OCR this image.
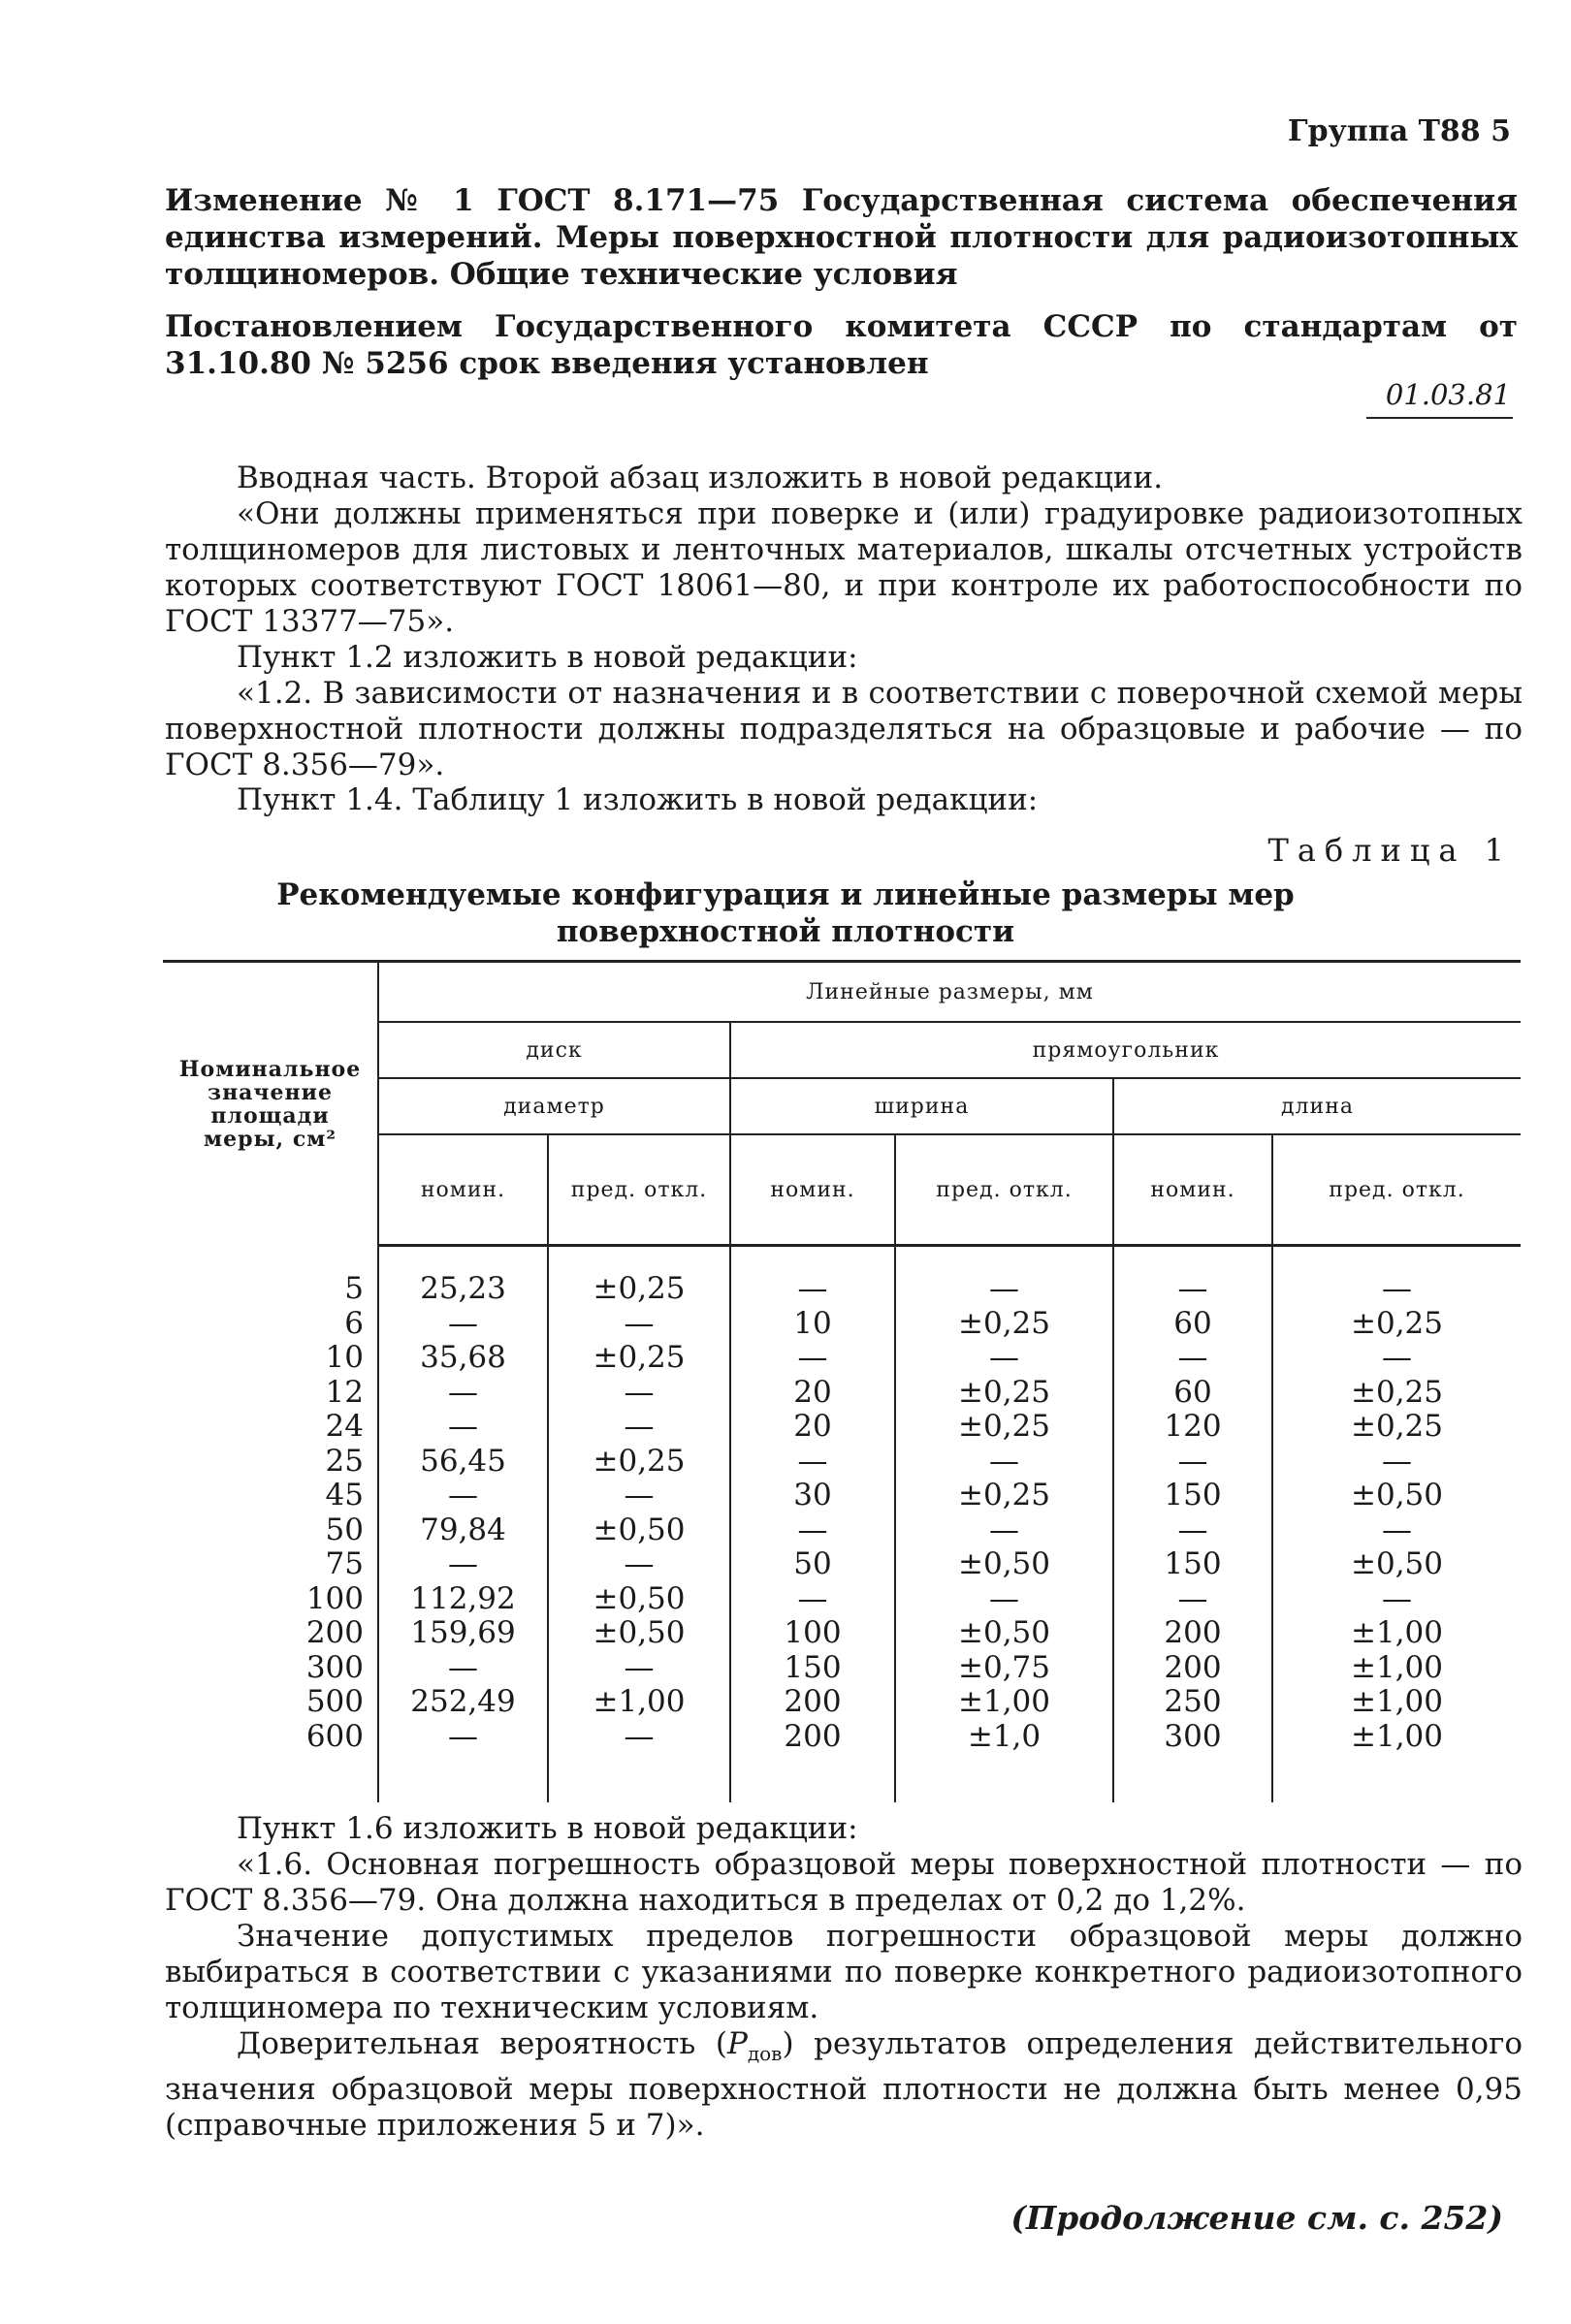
Группа Т88 5

Изменение № 1 ГОСТ 8.171—75 Государственная система обеспечения единства измерений. Меры поверхностной плотности для радиоизотопных толщиномеров. Общие технические условия

Постановлением Государственного комитета СССР по стандартам от 31.10.80 № 5256 срок введения установлен

01.03.81

Вводная часть. Второй абзац изложить в новой редакции.

«Они должны применяться при поверке и (или) градуировке радиоизотопных толщиномеров для листовых и ленточных материалов, шкалы отсчетных устройств которых соответствуют ГОСТ 18061—80, и при контроле их работоспособности по ГОСТ 13377—75».

Пункт 1.2 изложить в новой редакции:

«1.2. В зависимости от назначения и в соответствии с поверочной схемой меры поверхностной плотности должны подразделяться на образцовые и рабочие — по ГОСТ 8.356—79».

Пункт 1.4. Таблицу 1 изложить в новой редакции:

Таблица 1
Рекомендуемые конфигурация и линейные размеры мер поверхностной плотности
Номинальное значение площади меры, см²	Линейные размеры, мм					
	диск		прямоугольник			
	диаметр		ширина		длина	
	номин.	пред. откл.	номин.	пред. откл.	номин.	пред. откл.

5	25,23	±0,25	—	—	—	—
6	—	—	10	±0,25	60	±0,25
10	35,68	±0,25	—	—	—	—
12	—	—	20	±0,25	60	±0,25
24	—	—	20	±0,25	120	±0,25
25	56,45	±0,25	—	—	—	—
45	—	—	30	±0,25	150	±0,50
50	79,84	±0,50	—	—	—	—
75	—	—	50	±0,50	150	±0,50
100	112,92	±0,50	—	—	—	—
200	159,69	±0,50	100	±0,50	200	±1,00
300	—	—	150	±0,75	200	±1,00
500	252,49	±1,00	200	±1,00	250	±1,00
600	—	—	200	±1,0	300	±1,00

Пункт 1.6 изложить в новой редакции:

«1.6. Основная погрешность образцовой меры поверхностной плотности — по ГОСТ 8.356—79. Она должна находиться в пределах от 0,2 до 1,2%.

Значение допустимых пределов погрешности образцовой меры должно выбираться в соответствии с указаниями по поверке конкретного радиоизотопного толщиномера по техническим условиям.

Доверительная вероятность $(P_{дов})$ результатов определения действительного значения образцовой меры поверхностной плотности не должна быть менее 0,95 (справочные приложения 5 и 7)».

(Продолжение см. с. 252)
